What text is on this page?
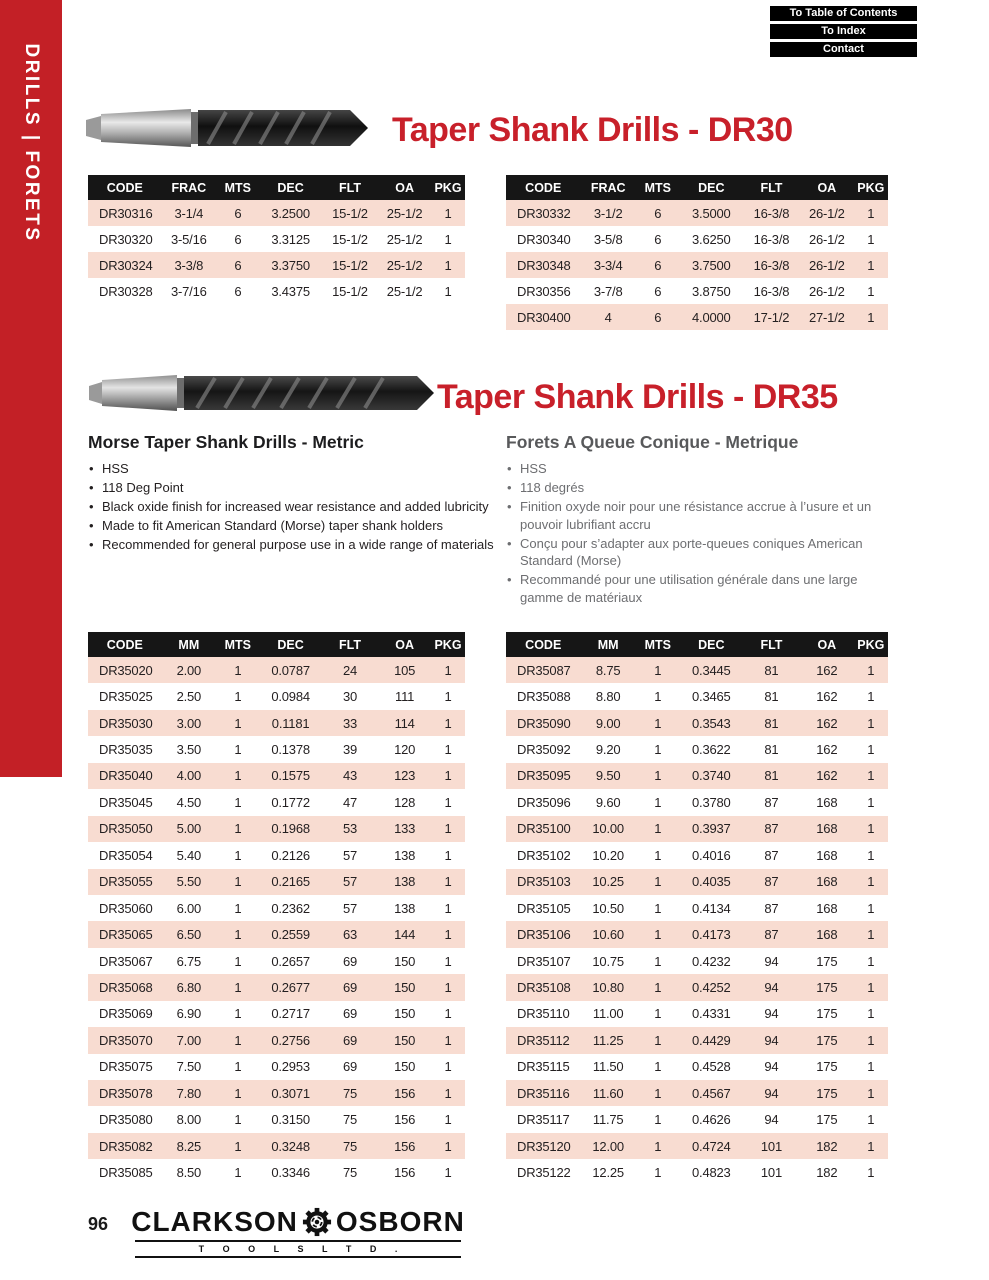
DRILLS | FORETS
To Table of Contents
To Index
Contact
Taper Shank Drills - DR30
CODE	FRAC	MTS	DEC	FLT	OA	PKG
DR30316	3-1/4	6	3.2500	15-1/2	25-1/2	1
DR30320	3-5/16	6	3.3125	15-1/2	25-1/2	1
DR30324	3-3/8	6	3.3750	15-1/2	25-1/2	1
DR30328	3-7/16	6	3.4375	15-1/2	25-1/2	1
CODE	FRAC	MTS	DEC	FLT	OA	PKG
DR30332	3-1/2	6	3.5000	16-3/8	26-1/2	1
DR30340	3-5/8	6	3.6250	16-3/8	26-1/2	1
DR30348	3-3/4	6	3.7500	16-3/8	26-1/2	1
DR30356	3-7/8	6	3.8750	16-3/8	26-1/2	1
DR30400	4	6	4.0000	17-1/2	27-1/2	1
Taper Shank Drills - DR35
Morse Taper Shank Drills - Metric	Forets A Queue Conique - Metrique
• HSS
• 118 Deg Point
• Black oxide finish for increased wear resistance and added lubricity
• Made to fit American Standard (Morse) taper shank holders
• Recommended for general purpose use in a wide range of materials
• HSS
• 118 degrés
• Finition oxyde noir pour une résistance accrue à l’usure et un pouvoir lubrifiant accru
• Conçu pour s’adapter aux porte-queues coniques American Standard (Morse)
• Recommandé pour une utilisation générale dans une large gamme de matériaux
CODE	MM	MTS	DEC	FLT	OA	PKG
DR35020	2.00	1	0.0787	24	105	1
DR35025	2.50	1	0.0984	30	111	1
DR35030	3.00	1	0.1181	33	114	1
DR35035	3.50	1	0.1378	39	120	1
DR35040	4.00	1	0.1575	43	123	1
DR35045	4.50	1	0.1772	47	128	1
DR35050	5.00	1	0.1968	53	133	1
DR35054	5.40	1	0.2126	57	138	1
DR35055	5.50	1	0.2165	57	138	1
DR35060	6.00	1	0.2362	57	138	1
DR35065	6.50	1	0.2559	63	144	1
DR35067	6.75	1	0.2657	69	150	1
DR35068	6.80	1	0.2677	69	150	1
DR35069	6.90	1	0.2717	69	150	1
DR35070	7.00	1	0.2756	69	150	1
DR35075	7.50	1	0.2953	69	150	1
DR35078	7.80	1	0.3071	75	156	1
DR35080	8.00	1	0.3150	75	156	1
DR35082	8.25	1	0.3248	75	156	1
DR35085	8.50	1	0.3346	75	156	1
CODE	MM	MTS	DEC	FLT	OA	PKG
DR35087	8.75	1	0.3445	81	162	1
DR35088	8.80	1	0.3465	81	162	1
DR35090	9.00	1	0.3543	81	162	1
DR35092	9.20	1	0.3622	81	162	1
DR35095	9.50	1	0.3740	81	162	1
DR35096	9.60	1	0.3780	87	168	1
DR35100	10.00	1	0.3937	87	168	1
DR35102	10.20	1	0.4016	87	168	1
DR35103	10.25	1	0.4035	87	168	1
DR35105	10.50	1	0.4134	87	168	1
DR35106	10.60	1	0.4173	87	168	1
DR35107	10.75	1	0.4232	94	175	1
DR35108	10.80	1	0.4252	94	175	1
DR35110	11.00	1	0.4331	94	175	1
DR35112	11.25	1	0.4429	94	175	1
DR35115	11.50	1	0.4528	94	175	1
DR35116	11.60	1	0.4567	94	175	1
DR35117	11.75	1	0.4626	94	175	1
DR35120	12.00	1	0.4724	101	182	1
DR35122	12.25	1	0.4823	101	182	1
96 CLARKSON OSBORN
T O O L S L T D .
